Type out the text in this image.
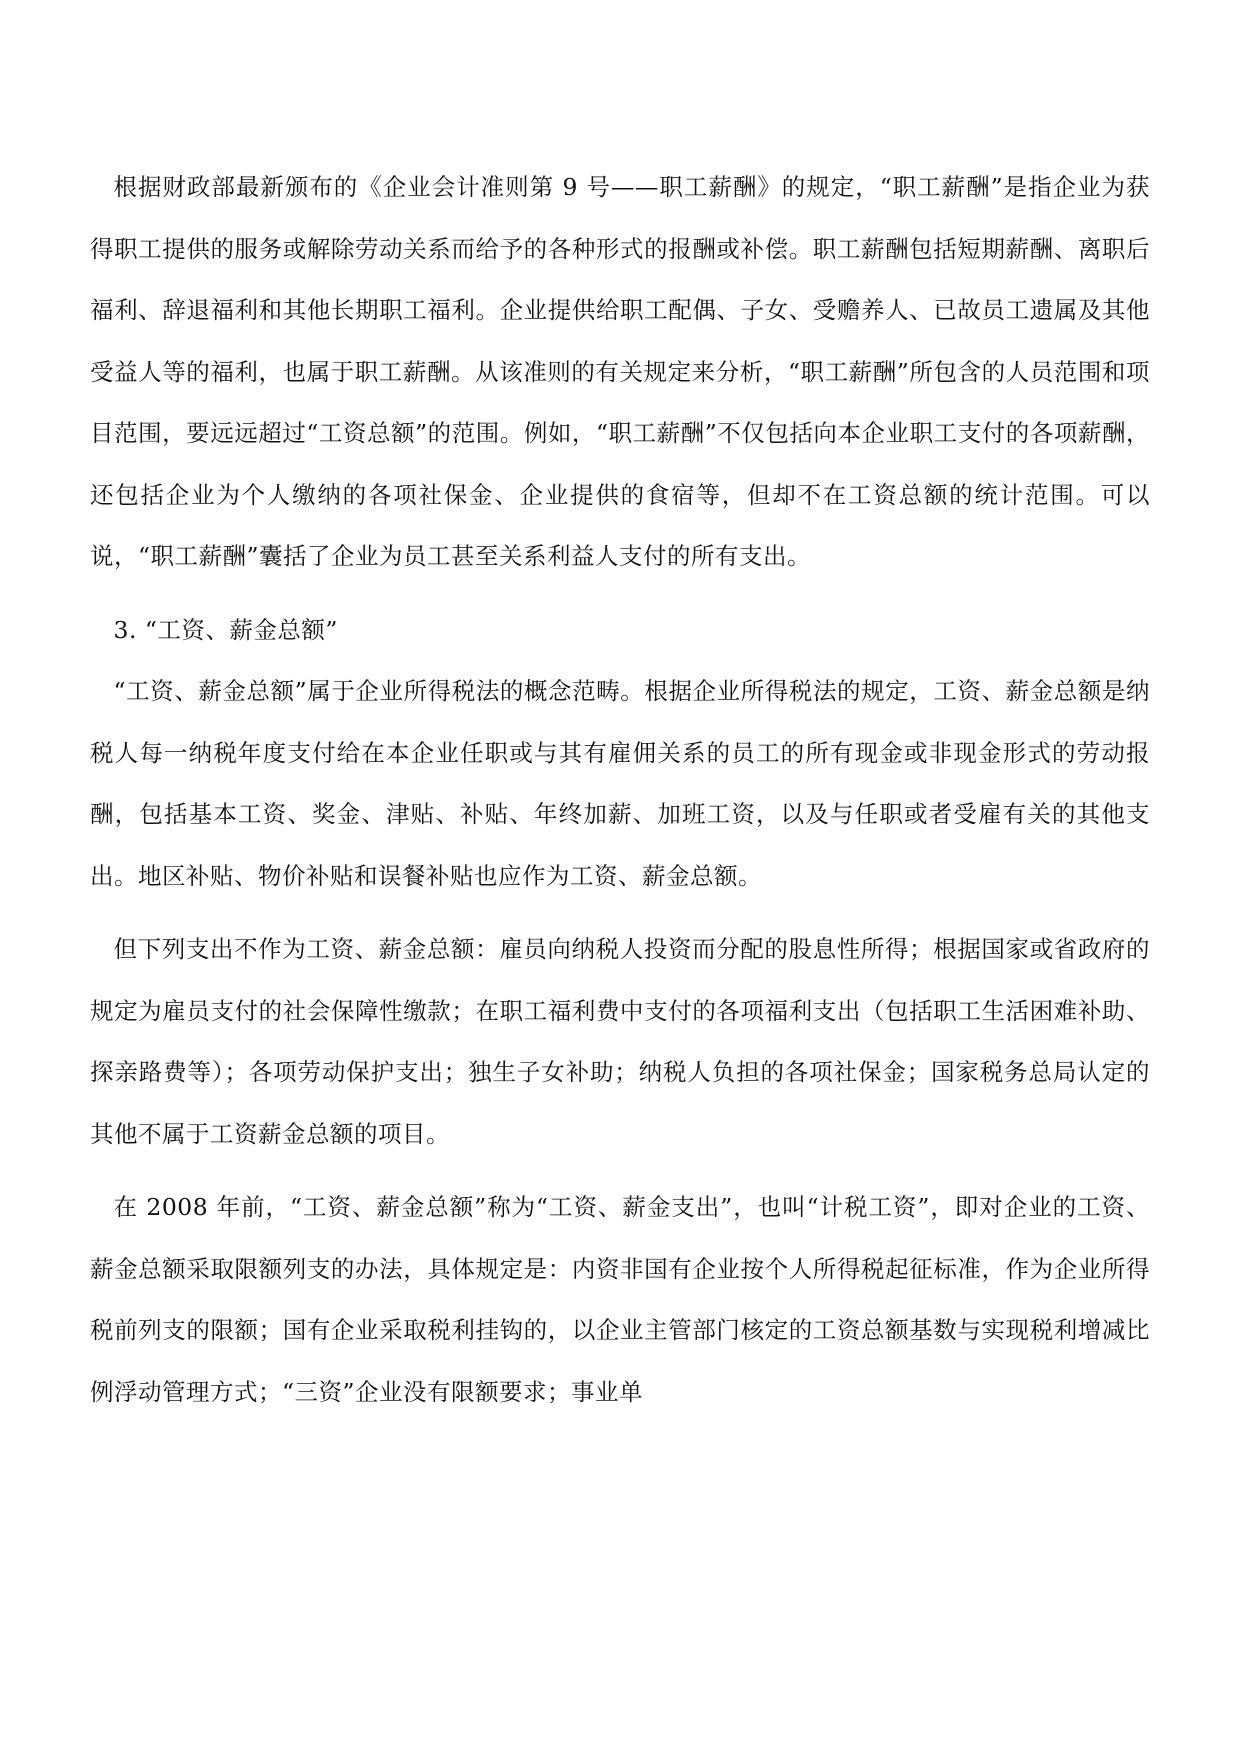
根据财政部最新颁布的《企业会计准则第 9 号——职工薪酬》的规定，“职工薪酬”是指企业为获得职工提供的服务或解除劳动关系而给予的各种形式的报酬或补偿。职工薪酬包括短期薪酬、离职后福利、辞退福利和其他长期职工福利。企业提供给职工配偶、子女、受赡养人、已故员工遗属及其他受益人等的福利，也属于职工薪酬。从该准则的有关规定来分析，“职工薪酬”所包含的人员范围和项目范围，要远远超过“工资总额”的范围。例如，“职工薪酬”不仅包括向本企业职工支付的各项薪酬，还包括企业为个人缴纳的各项社保金、企业提供的食宿等，但却不在工资总额的统计范围。可以说，“职工薪酬”囊括了企业为员工甚至关系利益人支付的所有支出。

3. “工资、薪金总额”

“工资、薪金总额”属于企业所得税法的概念范畴。根据企业所得税法的规定，工资、薪金总额是纳税人每一纳税年度支付给在本企业任职或与其有雇佣关系的员工的所有现金或非现金形式的劳动报酬，包括基本工资、奖金、津贴、补贴、年终加薪、加班工资，以及与任职或者受雇有关的其他支出。地区补贴、物价补贴和误餐补贴也应作为工资、薪金总额。

但下列支出不作为工资、薪金总额：雇员向纳税人投资而分配的股息性所得；根据国家或省政府的规定为雇员支付的社会保障性缴款；在职工福利费中支付的各项福利支出（包括职工生活困难补助、探亲路费等）；各项劳动保护支出；独生子女补助；纳税人负担的各项社保金；国家税务总局认定的其他不属于工资薪金总额的项目。

在 2008 年前，“工资、薪金总额”称为“工资、薪金支出”，也叫“计税工资”，即对企业的工资、薪金总额采取限额列支的办法，具体规定是：内资非国有企业按个人所得税起征标准，作为企业所得税前列支的限额；国有企业采取税利挂钩的，以企业主管部门核定的工资总额基数与实现税利增减比例浮动管理方式；“三资”企业没有限额要求；事业单
